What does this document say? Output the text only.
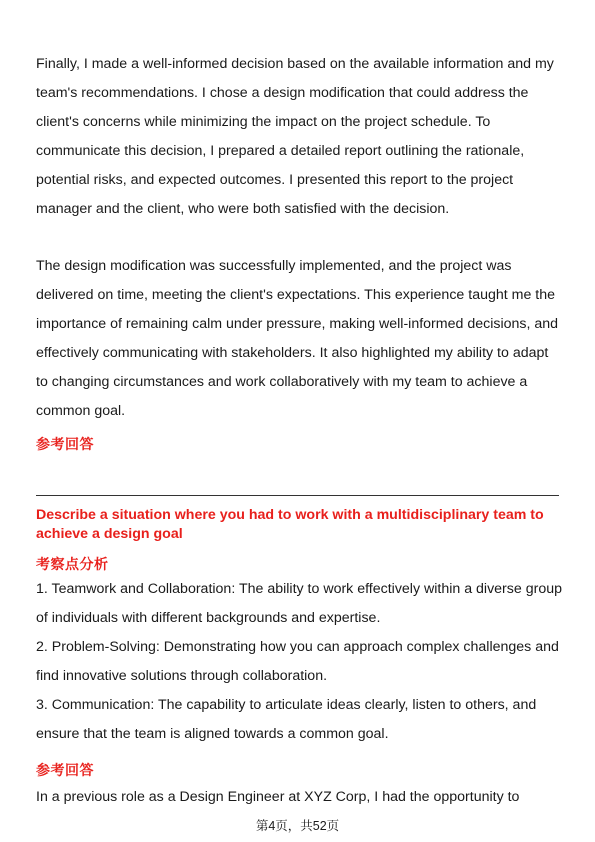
Finally, I made a well-informed decision based on the available information and my team's recommendations. I chose a design modification that could address the client's concerns while minimizing the impact on the project schedule. To communicate this decision, I prepared a detailed report outlining the rationale, potential risks, and expected outcomes. I presented this report to the project manager and the client, who were both satisfied with the decision.

The design modification was successfully implemented, and the project was delivered on time, meeting the client's expectations. This experience taught me the importance of remaining calm under pressure, making well-informed decisions, and effectively communicating with stakeholders. It also highlighted my ability to adapt to changing circumstances and work collaboratively with my team to achieve a common goal.

参考回答

Describe a situation where you had to work with a multidisciplinary team to achieve a design goal

考察点分析

1. Teamwork and Collaboration: The ability to work effectively within a diverse group of individuals with different backgrounds and expertise.
2. Problem-Solving: Demonstrating how you can approach complex challenges and find innovative solutions through collaboration.
3. Communication: The capability to articulate ideas clearly, listen to others, and ensure that the team is aligned towards a common goal.

参考回答

In a previous role as a Design Engineer at XYZ Corp, I had the opportunity to

第4页，共52页
